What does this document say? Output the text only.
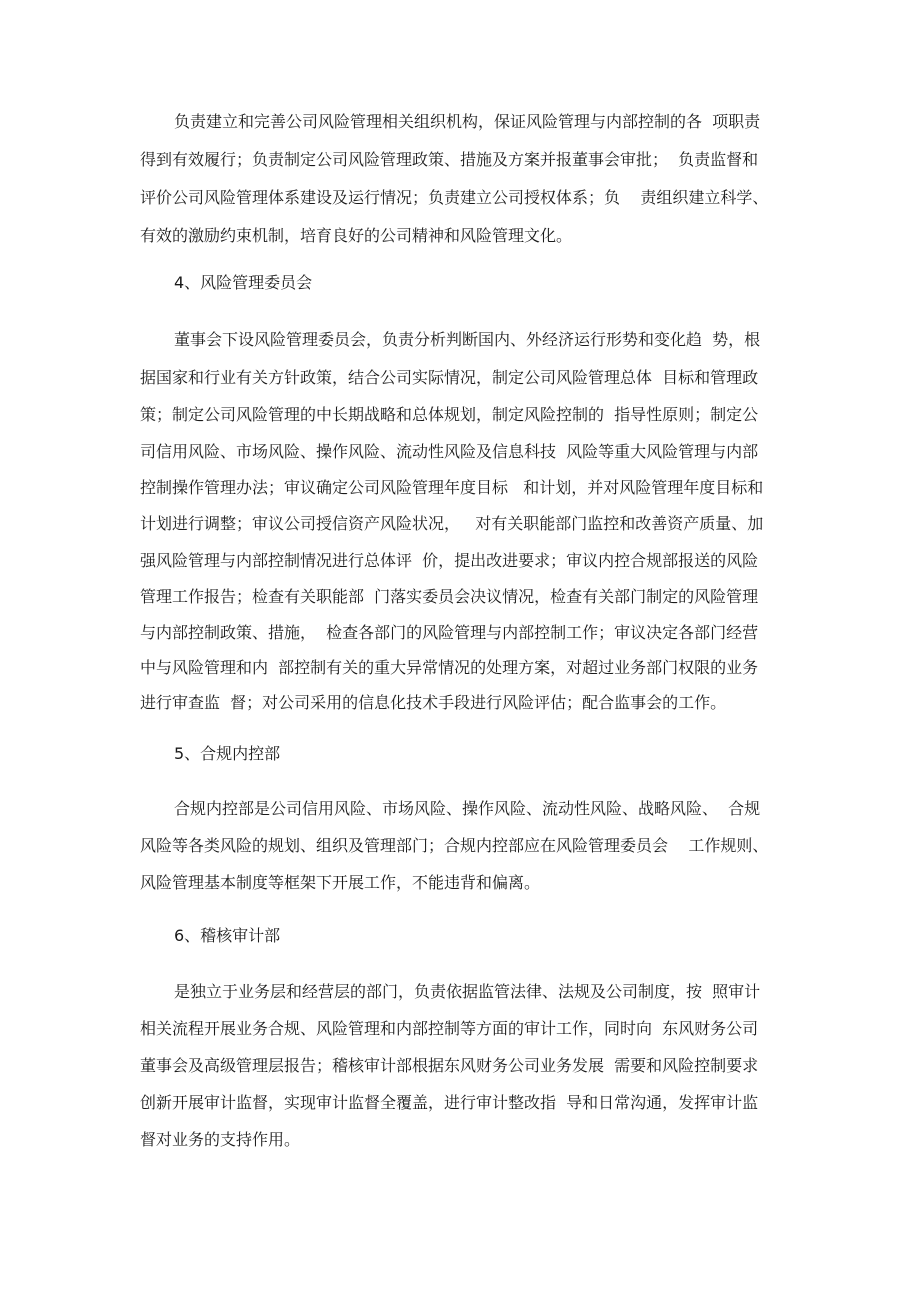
负责建立和完善公司风险管理相关组织机构，保证风险管理与内部控制的各  项职责

得到有效履行；负责制定公司风险管理政策、措施及方案并报董事会审批；  负责监督和

评价公司风险管理体系建设及运行情况；负责建立公司授权体系；负    责组织建立科学、

有效的激励约束机制，培育良好的公司精神和风险管理文化。

4、风险管理委员会

董事会下设风险管理委员会，负责分析判断国内、外经济运行形势和变化趋  势，根

据国家和行业有关方针政策，结合公司实际情况，制定公司风险管理总体  目标和管理政

策；制定公司风险管理的中长期战略和总体规划，制定风险控制的  指导性原则；制定公

司信用风险、市场风险、操作风险、流动性风险及信息科技  风险等重大风险管理与内部

控制操作管理办法；审议确定公司风险管理年度目标   和计划，并对风险管理年度目标和

计划进行调整；审议公司授信资产风险状况，   对有关职能部门监控和改善资产质量、加

强风险管理与内部控制情况进行总体评  价，提出改进要求；审议内控合规部报送的风险

管理工作报告；检查有关职能部  门落实委员会决议情况，检查有关部门制定的风险管理

与内部控制政策、措施，  检查各部门的风险管理与内部控制工作；审议决定各部门经营

中与风险管理和内  部控制有关的重大异常情况的处理方案，对超过业务部门权限的业务

进行审查监  督；对公司采用的信息化技术手段进行风险评估；配合监事会的工作。

5、合规内控部

合规内控部是公司信用风险、市场风险、操作风险、流动性风险、战略风险、  合规

风险等各类风险的规划、组织及管理部门；合规内控部应在风险管理委员会    工作规则、

风险管理基本制度等框架下开展工作，不能违背和偏离。

6、稽核审计部

是独立于业务层和经营层的部门，负责依据监管法律、法规及公司制度，按  照审计

相关流程开展业务合规、风险管理和内部控制等方面的审计工作，同时向  东风财务公司

董事会及高级管理层报告；稽核审计部根据东风财务公司业务发展  需要和风险控制要求

创新开展审计监督，实现审计监督全覆盖，进行审计整改指  导和日常沟通，发挥审计监

督对业务的支持作用。
